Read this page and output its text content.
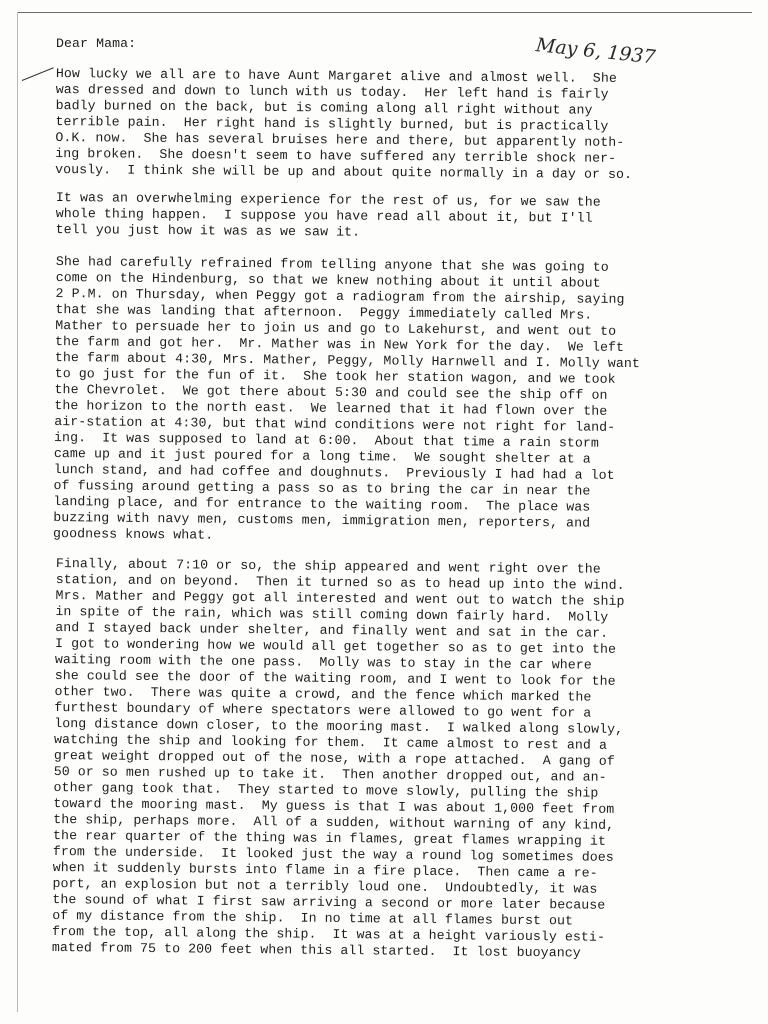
Dear Mama:	May 6, 1937
How lucky we all are to have Aunt Margaret alive and almost well.  She
was dressed and down to lunch with us today.  Her left hand is fairly
badly burned on the back, but is coming along all right without any
terrible pain.  Her right hand is slightly burned, but is practically
O.K. now.  She has several bruises here and there, but apparently noth-
ing broken.  She doesn't seem to have suffered any terrible shock ner-
vously.  I think she will be up and about quite normally in a day or so.
It was an overwhelming experience for the rest of us, for we saw the
whole thing happen.  I suppose you have read all about it, but I'll
tell you just how it was as we saw it.
She had carefully refrained from telling anyone that she was going to
come on the Hindenburg, so that we knew nothing about it until about
2 P.M. on Thursday, when Peggy got a radiogram from the airship, saying
that she was landing that afternoon.  Peggy immediately called Mrs.
Mather to persuade her to join us and go to Lakehurst, and went out to
the farm and got her.  Mr. Mather was in New York for the day.  We left
the farm about 4:30, Mrs. Mather, Peggy, Molly Harnwell and I. Molly want
to go just for the fun of it.  She took her station wagon, and we took
the Chevrolet.  We got there about 5:30 and could see the ship off on
the horizon to the north east.  We learned that it had flown over the
air-station at 4:30, but that wind conditions were not right for land-
ing.  It was supposed to land at 6:00.  About that time a rain storm
came up and it just poured for a long time.  We sought shelter at a
lunch stand, and had coffee and doughnuts.  Previously I had had a lot
of fussing around getting a pass so as to bring the car in near the
landing place, and for entrance to the waiting room.  The place was
buzzing with navy men, customs men, immigration men, reporters, and
goodness knows what.
Finally, about 7:10 or so, the ship appeared and went right over the
station, and on beyond.  Then it turned so as to head up into the wind.
Mrs. Mather and Peggy got all interested and went out to watch the ship
in spite of the rain, which was still coming down fairly hard.  Molly
and I stayed back under shelter, and finally went and sat in the car.
I got to wondering how we would all get together so as to get into the
waiting room with the one pass.  Molly was to stay in the car where
she could see the door of the waiting room, and I went to look for the
other two.  There was quite a crowd, and the fence which marked the
furthest boundary of where spectators were allowed to go went for a
long distance down closer, to the mooring mast.  I walked along slowly,
watching the ship and looking for them.  It came almost to rest and a
great weight dropped out of the nose, with a rope attached.  A gang of
50 or so men rushed up to take it.  Then another dropped out, and an-
other gang took that.  They started to move slowly, pulling the ship
toward the mooring mast.  My guess is that I was about 1,000 feet from
the ship, perhaps more.  All of a sudden, without warning of any kind,
the rear quarter of the thing was in flames, great flames wrapping it
from the underside.  It looked just the way a round log sometimes does
when it suddenly bursts into flame in a fire place.  Then came a re-
port, an explosion but not a terribly loud one.  Undoubtedly, it was
the sound of what I first saw arriving a second or more later because
of my distance from the ship.  In no time at all flames burst out
from the top, all along the ship.  It was at a height variously esti-
mated from 75 to 200 feet when this all started.  It lost buoyancy
